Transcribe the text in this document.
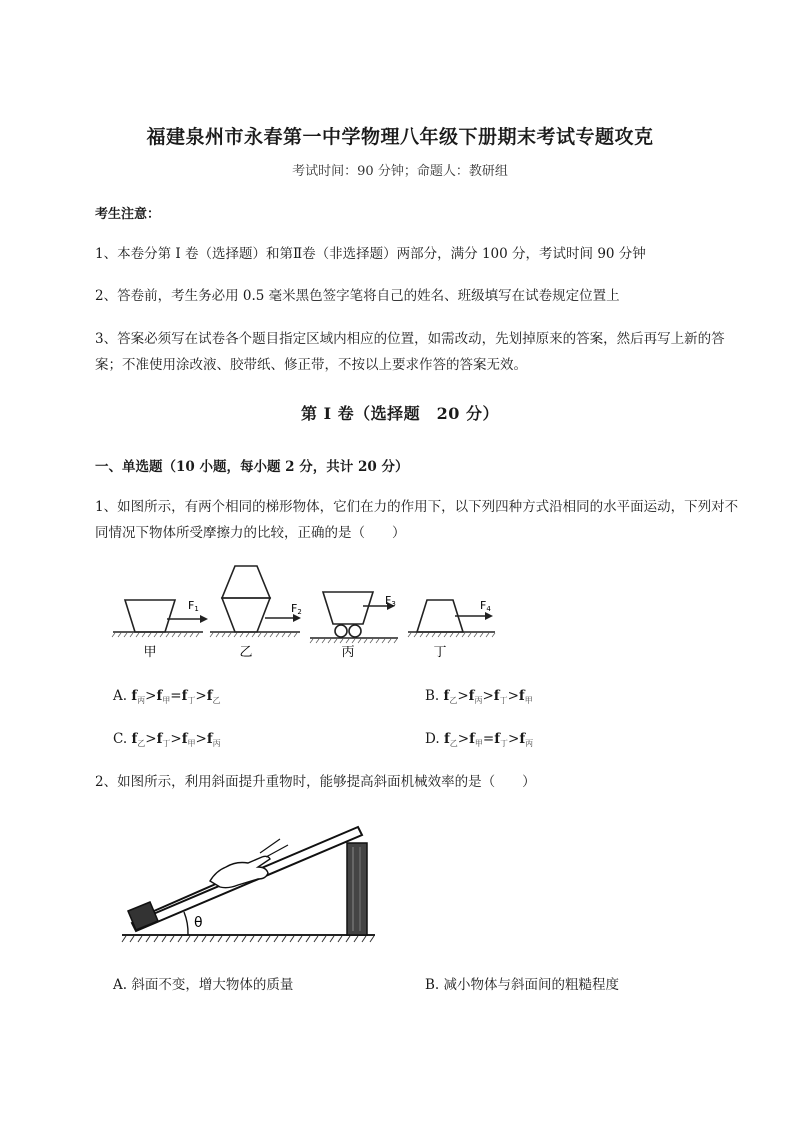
福建泉州市永春第一中学物理八年级下册期末考试专题攻克
考试时间：90 分钟；命题人：教研组
考生注意：
1、本卷分第 I 卷（选择题）和第Ⅱ卷（非选择题）两部分，满分 100 分，考试时间 90 分钟
2、答卷前，考生务必用 0.5 毫米黑色签字笔将自己的姓名、班级填写在试卷规定位置上
3、答案必须写在试卷各个题目指定区域内相应的位置，如需改动，先划掉原来的答案，然后再写上新的答案；不准使用涂改液、胶带纸、修正带，不按以上要求作答的答案无效。
第 I 卷（选择题　20 分）
一、单选题（10 小题，每小题 2 分，共计 20 分）
1、如图所示，有两个相同的梯形物体，它们在力的作用下，以下列四种方式沿相同的水平面运动，下列对不同情况下物体所受摩擦力的比较，正确的是（　　）
F1	F2
F3	F4
甲	乙	丙	丁
A. $f_丙>f_甲=f_丁>f_乙$	B. $f_乙>f_丙>f_丁>f_甲$
C. $f_乙>f_丁>f_甲>f_丙$	D. $f_乙>f_甲=f_丁>f_丙$
2、如图所示，利用斜面提升重物时，能够提高斜面机械效率的是（　　）
θ
A. 斜面不变，增大物体的质量	B. 减小物体与斜面间的粗糙程度
